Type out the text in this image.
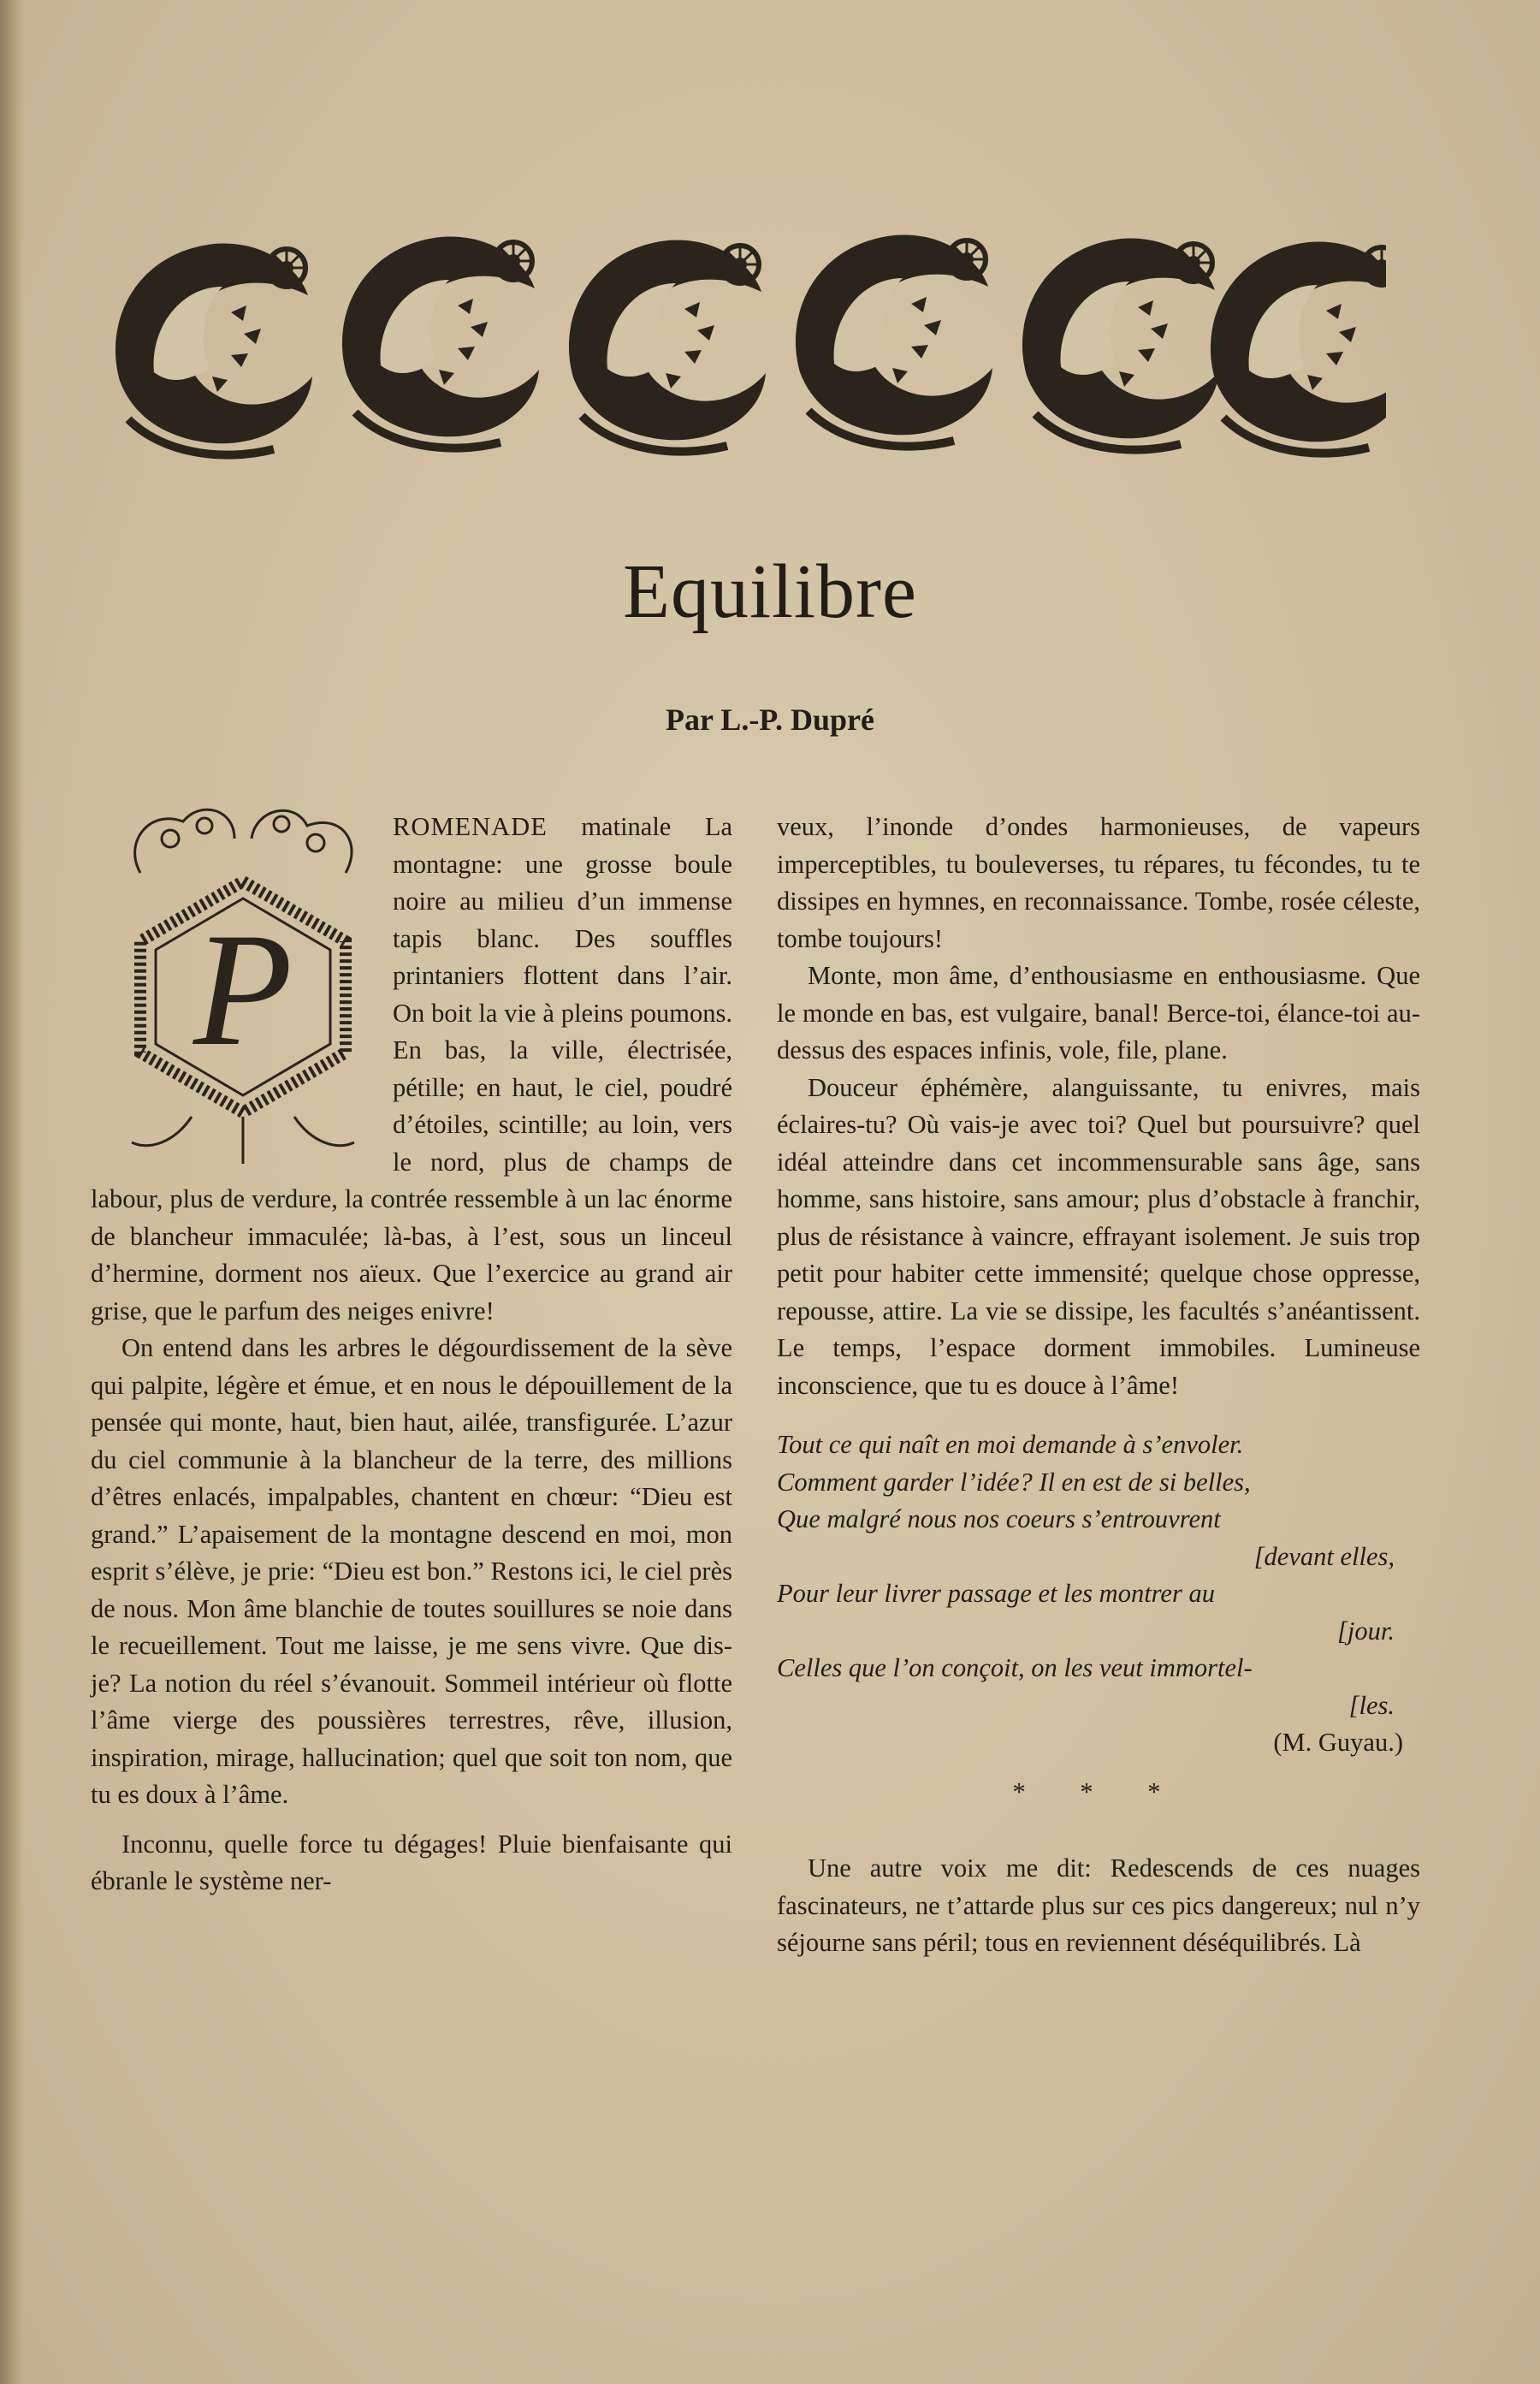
Equilibre
Par L.-P. Dupré
P

ROMENADE matinale La montagne: une grosse boule noire au milieu d’un immense tapis blanc. Des souffles printaniers flottent dans l’air. On boit la vie à pleins poumons. En bas, la ville, électrisée, pétille; en haut, le ciel, poudré d’étoiles, scintille; au loin, vers le nord, plus de champs de labour, plus de verdure, la contrée ressemble à un lac énorme de blancheur immaculée; là-bas, à l’est, sous un linceul d’hermine, dorment nos aïeux. Que l’exercice au grand air grise, que le parfum des neiges enivre!

On entend dans les arbres le dégourdissement de la sève qui palpite, légère et émue, et en nous le dépouillement de la pensée qui monte, haut, bien haut, ailée, transfigurée. L’azur du ciel communie à la blancheur de la terre, des millions d’êtres enlacés, impalpables, chantent en chœur: “Dieu est grand.” L’apaisement de la montagne descend en moi, mon esprit s’élève, je prie: “Dieu est bon.” Restons ici, le ciel près de nous. Mon âme blanchie de toutes souillures se noie dans le recueillement. Tout me laisse, je me sens vivre. Que dis-je? La notion du réel s’évanouit. Sommeil intérieur où flotte l’âme vierge des poussières terrestres, rêve, illusion, inspiration, mirage, hallucination; quel que soit ton nom, que tu es doux à l’âme.

Inconnu, quelle force tu dégages! Pluie bienfaisante qui ébranle le système ner-

veux, l’inonde d’ondes harmonieuses, de vapeurs imperceptibles, tu bouleverses, tu répares, tu fécondes, tu te dissipes en hymnes, en reconnaissance. Tombe, rosée céleste, tombe toujours!

Monte, mon âme, d’enthousiasme en enthousiasme. Que le monde en bas, est vulgaire, banal! Berce-toi, élance-toi au-dessus des espaces infinis, vole, file, plane.

Douceur éphémère, alanguissante, tu enivres, mais éclaires-tu? Où vais-je avec toi? Quel but poursuivre? quel idéal atteindre dans cet incommensurable sans âge, sans homme, sans histoire, sans amour; plus d’obstacle à franchir, plus de résistance à vaincre, effrayant isolement. Je suis trop petit pour habiter cette immensité; quelque chose oppresse, repousse, attire. La vie se dissipe, les facultés s’anéantissent. Le temps, l’espace dorment immobiles. Lumineuse inconscience, que tu es douce à l’âme!

Tout ce qui naît en moi demande à s’envoler.
Comment garder l’idée? Il en est de si belles,
Que malgré nous nos coeurs s’entrouvrent
[devant elles,
Pour leur livrer passage et les montrer au
[jour.
Celles que l’on conçoit, on les veut immortel-
[les.
(M. Guyau.)
* * *

Une autre voix me dit: Redescends de ces nuages fascinateurs, ne t’attarde plus sur ces pics dangereux; nul n’y séjourne sans péril; tous en reviennent déséquilibrés. Là
